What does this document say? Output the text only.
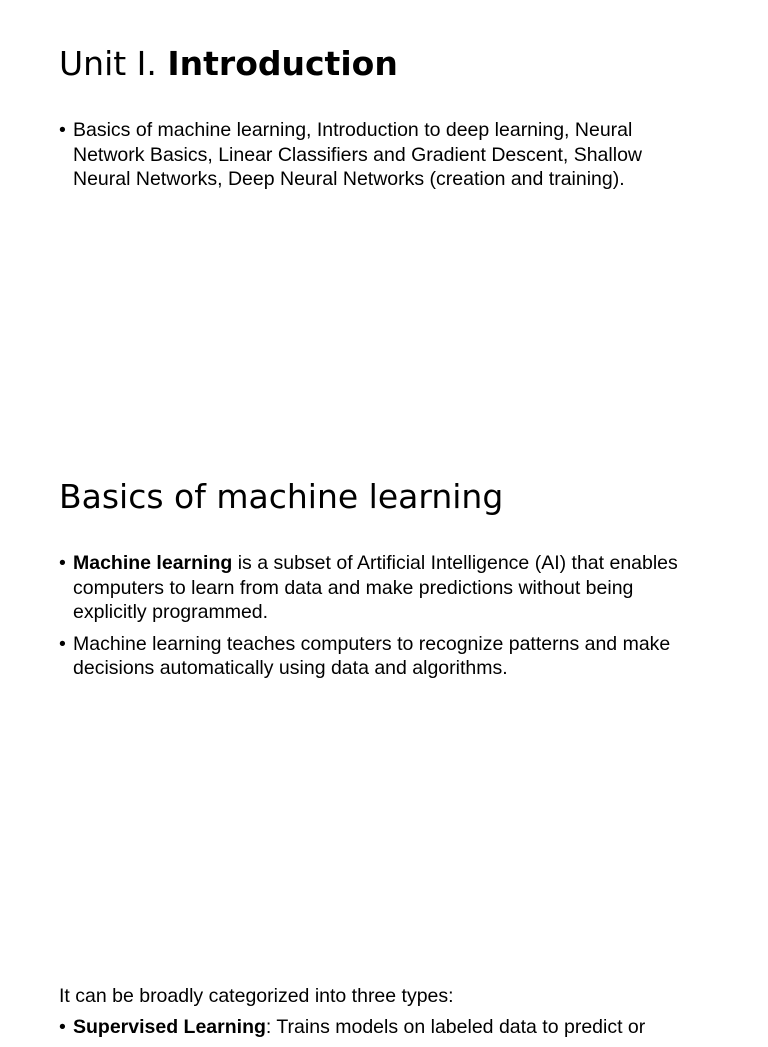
Unit I. Introduction
• Basics of machine learning, Introduction to deep learning, Neural Network Basics, Linear Classifiers and Gradient Descent, Shallow Neural Networks, Deep Neural Networks (creation and training).
Basics of machine learning
• Machine learning is a subset of Artificial Intelligence (AI) that enables computers to learn from data and make predictions without being explicitly programmed.
• Machine learning teaches computers to recognize patterns and make decisions automatically using data and algorithms.

It can be broadly categorized into three types:

• Supervised Learning: Trains models on labeled data to predict or
